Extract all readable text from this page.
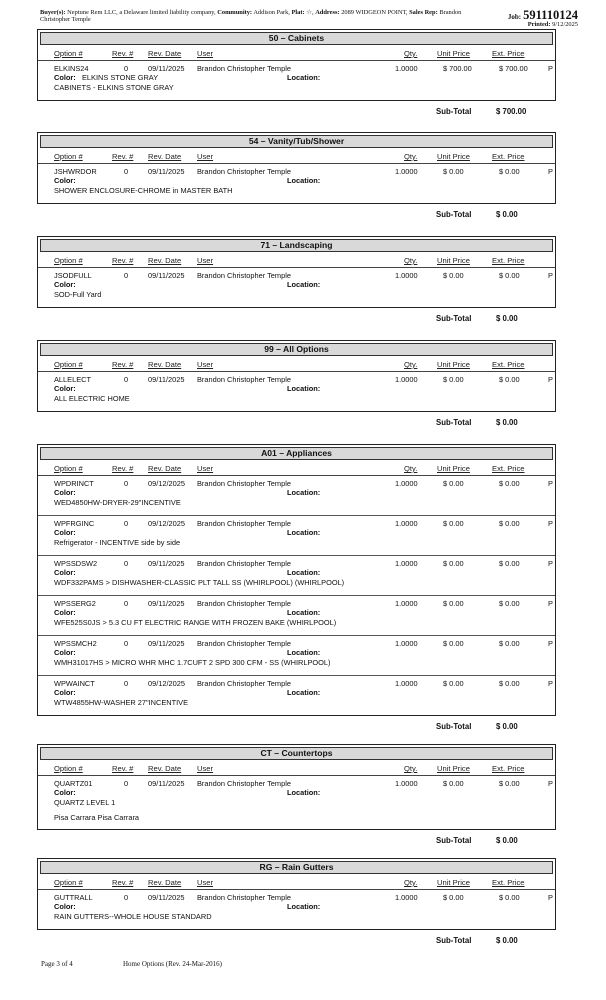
Buyer(s): Neptune Rem LLC, a Delaware limited liability company, Community: Addison Park, Plat: ☆, Address: 2089 WIDGEON POINT, Sales Rep: Brandon Christopher Temple	Job: 591110124
Printed: 9/12/2025
50 – Cabinets
Option #	Rev. # Rev. Date User	Qty.	Unit Price	Ext. Price
ELKINS24	0	09/11/2025 Brandon Christopher Temple	1.0000	$ 700.00	$ 700.00	P
Color:	Location:
ELKINS STONE GRAY
CABINETS - ELKINS STONE GRAY
Sub-Total	$ 700.00
54 – Vanity/Tub/Shower
Option #	Rev. # Rev. Date User	Qty.	Unit Price	Ext. Price
JSHWRDOR	0	09/11/2025 Brandon Christopher Temple	1.0000	$ 0.00	$ 0.00	P
Color:	Location:
SHOWER ENCLOSURE-CHROME in MASTER BATH
Sub-Total	$ 0.00
71 – Landscaping
Option #	Rev. # Rev. Date User	Qty.	Unit Price	Ext. Price
JSODFULL	0	09/11/2025 Brandon Christopher Temple	1.0000	$ 0.00	$ 0.00	P
Color:	Location:
SOD-Full Yard
Sub-Total	$ 0.00
99 – All Options
Option #	Rev. # Rev. Date User	Qty.	Unit Price	Ext. Price
ALLELECT	0	09/11/2025 Brandon Christopher Temple	1.0000	$ 0.00	$ 0.00	P
Color:	Location:
ALL ELECTRIC HOME
Sub-Total	$ 0.00
A01 – Appliances
Option #	Rev. # Rev. Date User	Qty.	Unit Price	Ext. Price
WPDRINCT	0	09/12/2025 Brandon Christopher Temple	1.0000	$ 0.00	$ 0.00	P
Color:	Location:
WED4850HW-DRYER-29"INCENTIVE
WPFRGINC	0	09/12/2025 Brandon Christopher Temple	1.0000	$ 0.00	$ 0.00	P
Color:	Location:
Refrigerator - INCENTIVE side by side
WPSSDSW2	0	09/11/2025 Brandon Christopher Temple	1.0000	$ 0.00	$ 0.00	P
Color:	Location:
WDF332PAMS > DISHWASHER-CLASSIC PLT TALL SS (WHIRLPOOL) (WHIRLPOOL)
WPSSERG2	0	09/11/2025 Brandon Christopher Temple	1.0000	$ 0.00	$ 0.00	P
Color:	Location:
WFE525S0JS > 5.3 CU FT ELECTRIC RANGE WITH FROZEN BAKE (WHIRLPOOL)
WPSSMCH2	0	09/11/2025 Brandon Christopher Temple	1.0000	$ 0.00	$ 0.00	P
Color:	Location:
WMH31017HS > MICRO WHR MHC 1.7CUFT 2 SPD 300 CFM - SS (WHIRLPOOL)
WPWAINCT	0	09/12/2025 Brandon Christopher Temple	1.0000	$ 0.00	$ 0.00	P
Color:	Location:
WTW4855HW-WASHER 27"INCENTIVE
Sub-Total	$ 0.00
CT – Countertops
Option #	Rev. # Rev. Date User	Qty.	Unit Price	Ext. Price
QUARTZ01	0	09/11/2025 Brandon Christopher Temple	1.0000	$ 0.00	$ 0.00	P
Color:	Location:
QUARTZ LEVEL 1
Pisa Carrara Pisa Carrara
Sub-Total	$ 0.00
RG – Rain Gutters
Option #	Rev. # Rev. Date User	Qty.	Unit Price	Ext. Price
GUTTRALL	0	09/11/2025 Brandon Christopher Temple	1.0000	$ 0.00	$ 0.00	P
Color:	Location:
RAIN GUTTERS--WHOLE HOUSE STANDARD
Sub-Total	$ 0.00
Page 3 of 4	Home Options (Rev. 24-Mar-2016)
